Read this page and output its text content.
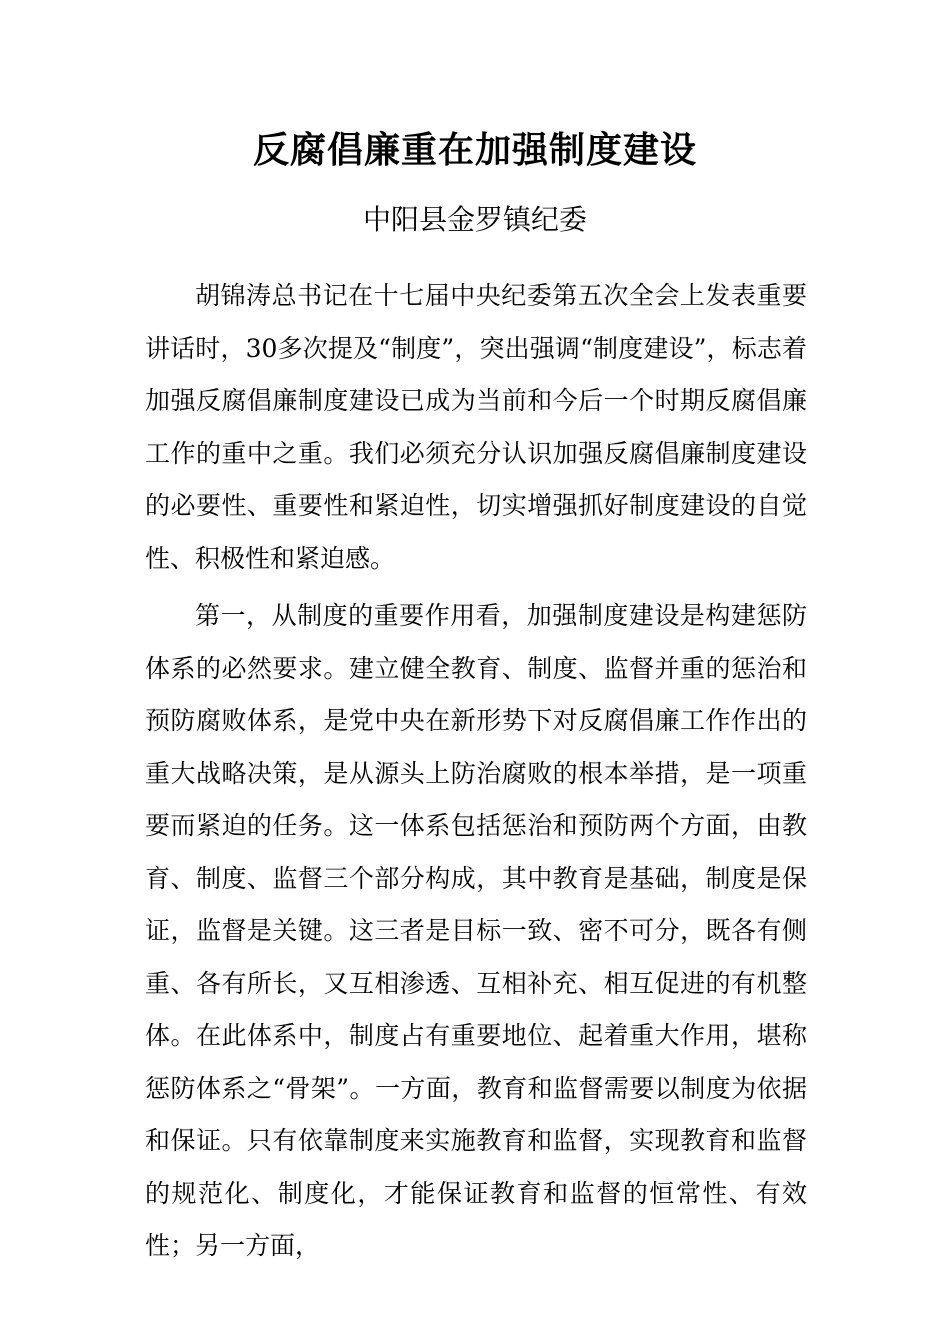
反腐倡廉重在加强制度建设

中阳县金罗镇纪委

胡锦涛总书记在十七届中央纪委第五次全会上发表重要讲话时，30多次提及“制度”，突出强调“制度建设”，标志着加强反腐倡廉制度建设已成为当前和今后一个时期反腐倡廉工作的重中之重。我们必须充分认识加强反腐倡廉制度建设的必要性、重要性和紧迫性，切实增强抓好制度建设的自觉性、积极性和紧迫感。

第一，从制度的重要作用看，加强制度建设是构建惩防体系的必然要求。建立健全教育、制度、监督并重的惩治和预防腐败体系，是党中央在新形势下对反腐倡廉工作作出的重大战略决策，是从源头上防治腐败的根本举措，是一项重要而紧迫的任务。这一体系包括惩治和预防两个方面，由教育、制度、监督三个部分构成，其中教育是基础，制度是保证，监督是关键。这三者是目标一致、密不可分，既各有侧重、各有所长，又互相渗透、互相补充、相互促进的有机整体。在此体系中，制度占有重要地位、起着重大作用，堪称惩防体系之“骨架”。一方面，教育和监督需要以制度为依据和保证。只有依靠制度来实施教育和监督，实现教育和监督的规范化、制度化，才能保证教育和监督的恒常性、有效性；另一方面，
